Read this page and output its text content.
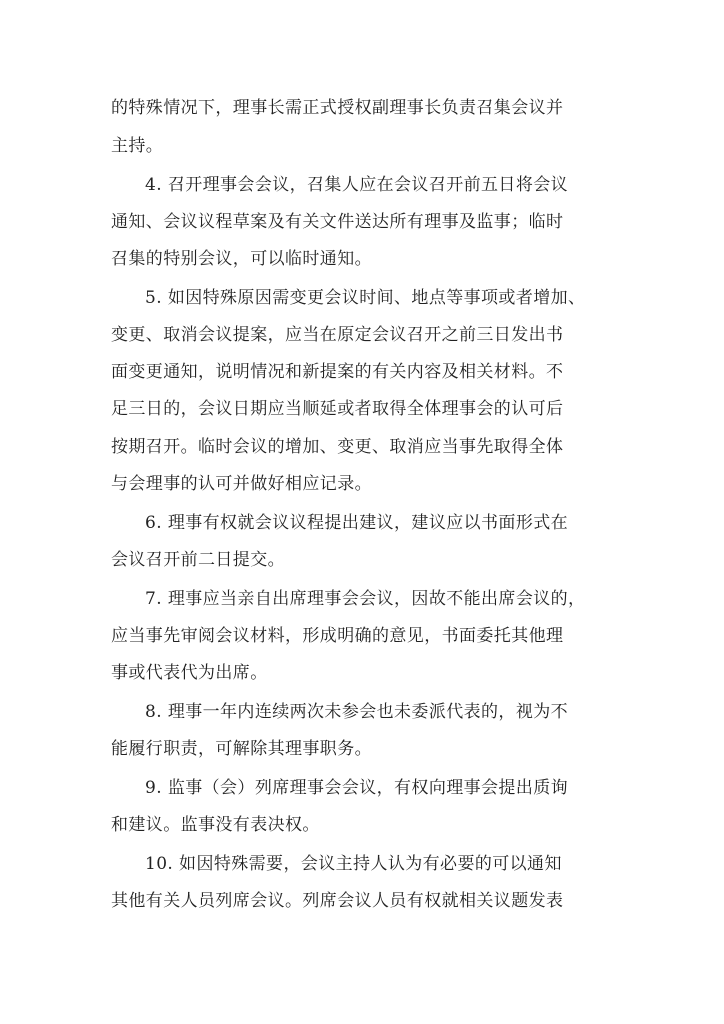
的特殊情况下，理事长需正式授权副理事长负责召集会议并
主持。
4. 召开理事会会议，召集人应在会议召开前五日将会议
通知、会议议程草案及有关文件送达所有理事及监事；临时
召集的特别会议，可以临时通知。
5. 如因特殊原因需变更会议时间、地点等事项或者增加、
变更、取消会议提案，应当在原定会议召开之前三日发出书
面变更通知，说明情况和新提案的有关内容及相关材料。不
足三日的，会议日期应当顺延或者取得全体理事会的认可后
按期召开。临时会议的增加、变更、取消应当事先取得全体
与会理事的认可并做好相应记录。
6. 理事有权就会议议程提出建议，建议应以书面形式在
会议召开前二日提交。
7. 理事应当亲自出席理事会会议，因故不能出席会议的，
应当事先审阅会议材料，形成明确的意见，书面委托其他理
事或代表代为出席。
8. 理事一年内连续两次未参会也未委派代表的，视为不
能履行职责，可解除其理事职务。
9. 监事（会）列席理事会会议，有权向理事会提出质询
和建议。监事没有表决权。
10. 如因特殊需要，会议主持人认为有必要的可以通知
其他有关人员列席会议。列席会议人员有权就相关议题发表
